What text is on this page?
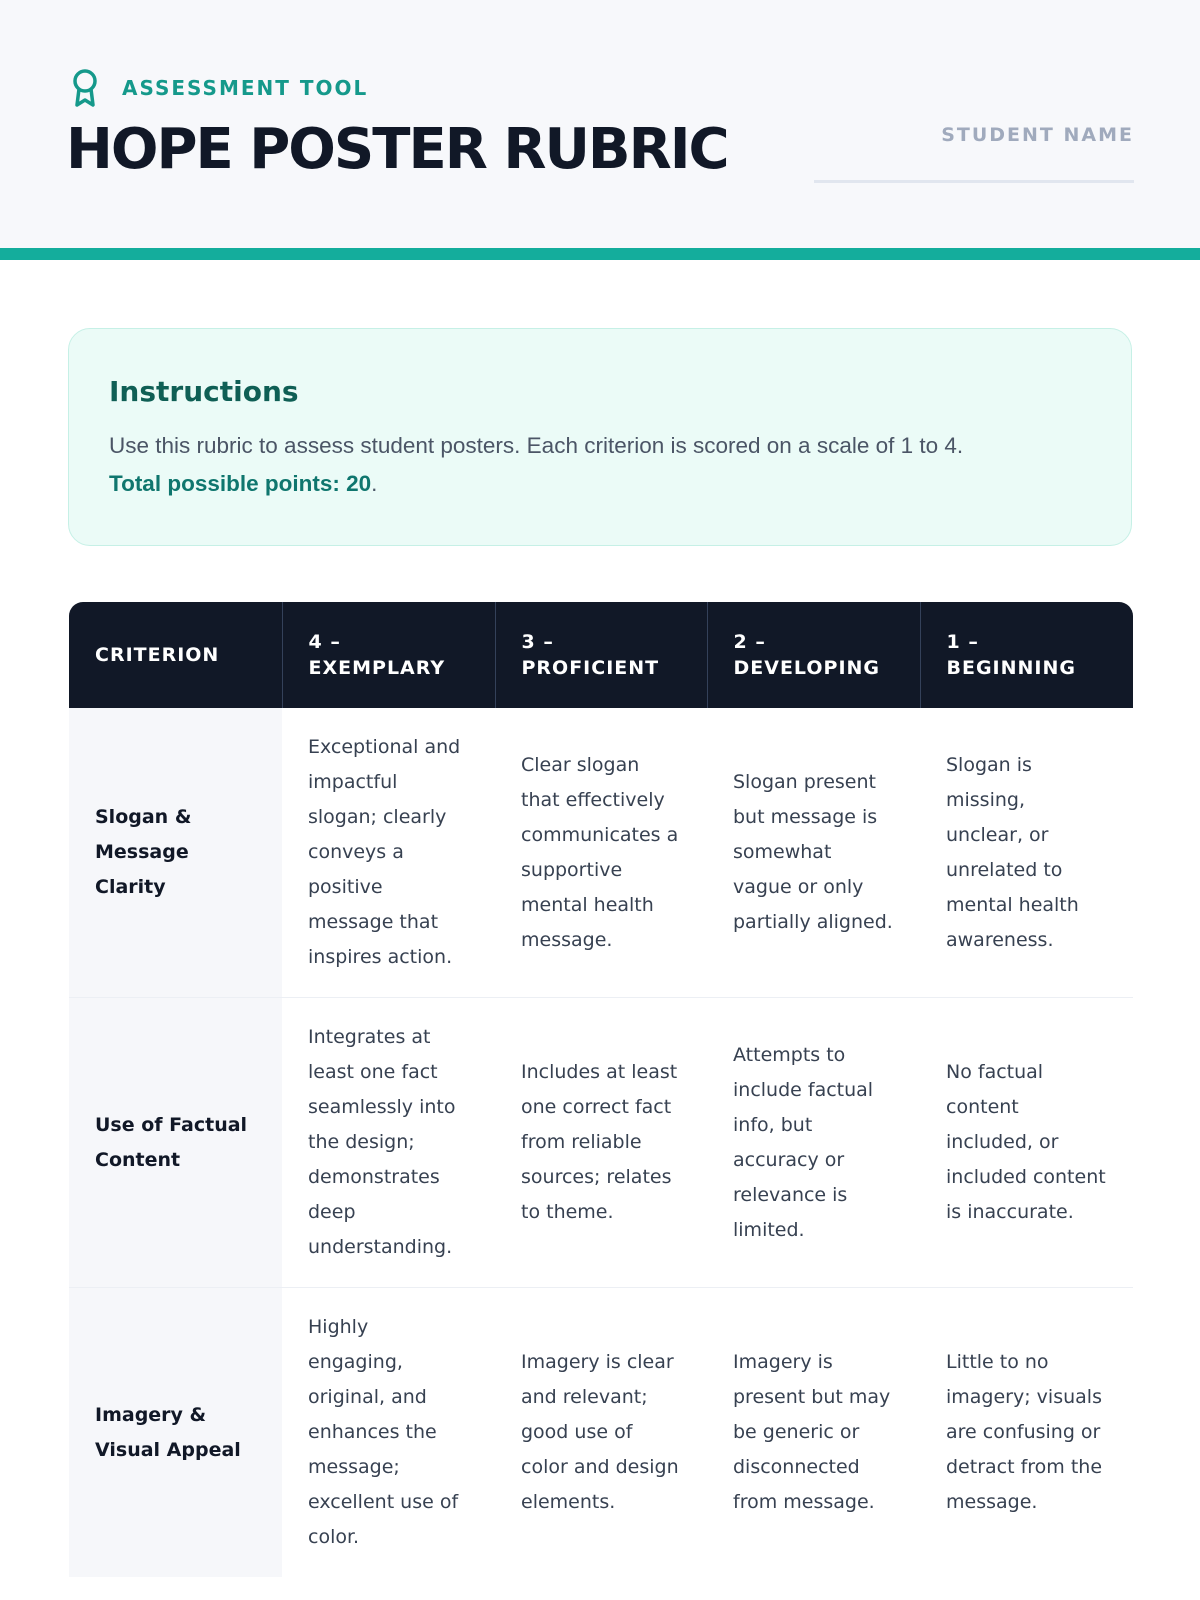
ASSESSMENT TOOL
HOPE POSTER RUBRIC	STUDENT NAME
Instructions

Use this rubric to assess student posters. Each criterion is scored on a scale of 1 to 4.
Total possible points: 20.

CRITERION	4 – EXEMPLARY	3 – PROFICIENT	2 – DEVELOPING	1 – BEGINNING
Slogan & Message Clarity	Exceptional and impactful slogan; clearly conveys a positive message that inspires action.	Clear slogan that effectively communicates a supportive mental health message.	Slogan present but message is somewhat vague or only partially aligned.	Slogan is missing, unclear, or unrelated to mental health awareness.
Use of Factual Content	Integrates at least one fact seamlessly into the design; demonstrates deep understanding.	Includes at least one correct fact from reliable sources; relates to theme.	Attempts to include factual info, but accuracy or relevance is limited.	No factual content included, or included content is inaccurate.
Imagery & Visual Appeal	Highly engaging, original, and enhances the message; excellent use of color.	Imagery is clear and relevant; good use of color and design elements.	Imagery is present but may be generic or disconnected from message.	Little to no imagery; visuals are confusing or detract from the message.
